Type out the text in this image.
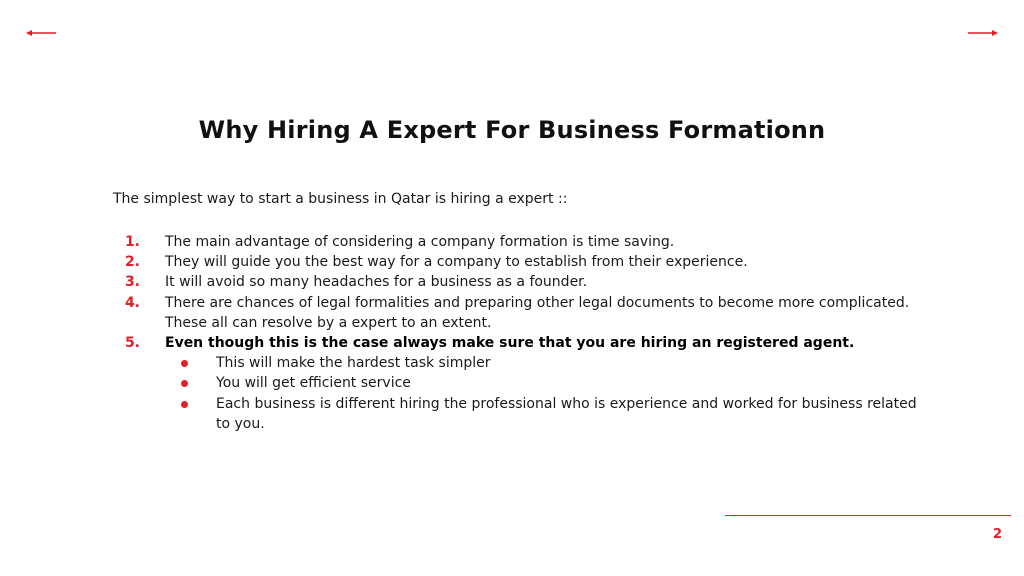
Why Hiring A Expert For Business Formationn

The simplest way to start a business in Qatar is hiring a expert ::

1. The main advantage of considering a company formation is time saving.
2. They will guide you the best way for a company to establish from their experience.
3. It will avoid so many headaches for a business as a founder.
4. There are chances of legal formalities and preparing other legal documents to become more complicated. These all can resolve by a expert to an extent.
5. Even though this is the case always make sure that you are hiring an registered agent.
This will make the hardest task simpler
You will get efficient service
Each business is different hiring the professional who is experience and worked for business related to you.
2
